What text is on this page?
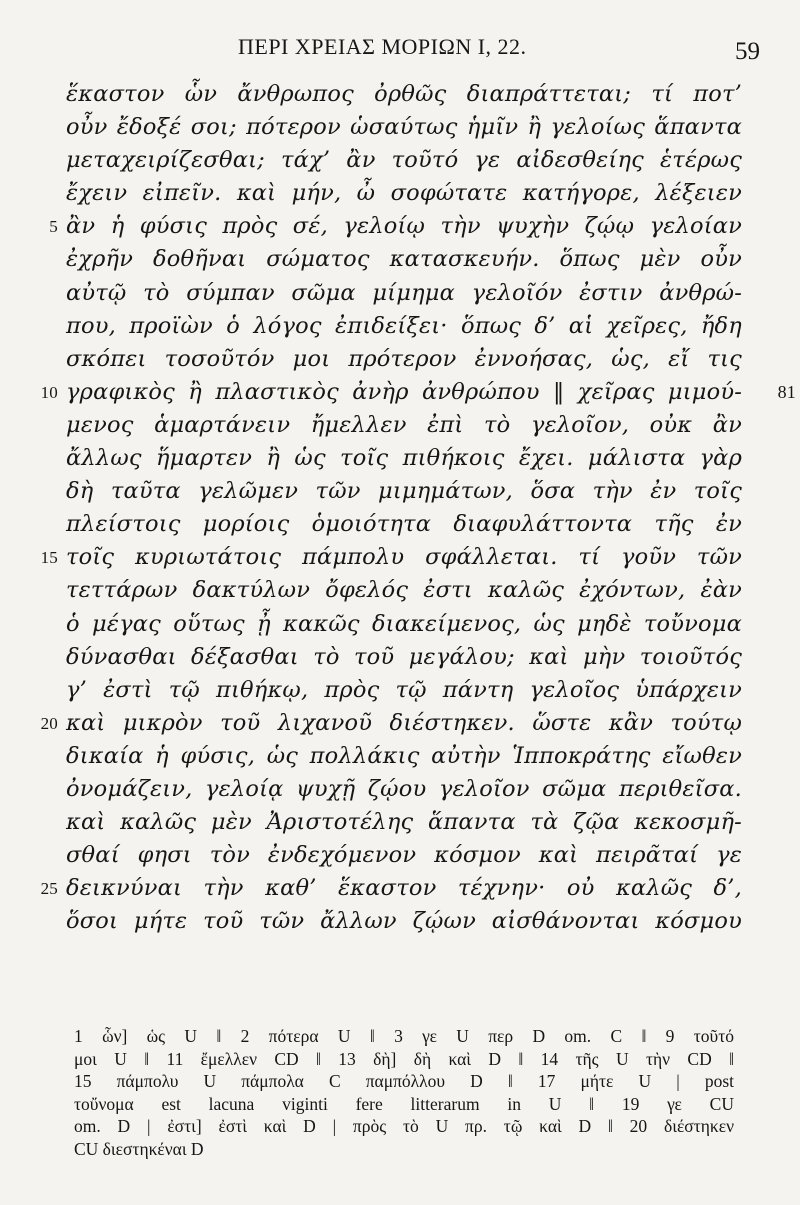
ΠΕΡΙ ΧΡΕΙΑΣ ΜΟΡΙΩΝ Ι, 22.	59
ἕκαστον ὧν ἄνθρωπος ὀρθῶς διαπράττεται; τί ποτ’
οὖν ἔδοξέ σοι; πότερον ὡσαύτως ἡμῖν ἢ γελοίως ἅπαντα
μεταχειρίζεσθαι; τάχ’ ἂν τοῦτό γε αἰδεσθείης ἑτέρως
ἔχειν εἰπεῖν. καὶ μήν, ὦ σοφώτατε κατήγορε, λέξειεν
5 ἂν ἡ φύσις πρὸς σέ, γελοίῳ τὴν ψυχὴν ζῴῳ γελοίαν
ἐχρῆν δοθῆναι σώματος κατασκευήν. ὅπως μὲν οὖν
αὐτῷ τὸ σύμπαν σῶμα μίμημα γελοῖόν ἐστιν ἀνθρώ-
που, προϊὼν ὁ λόγος ἐπιδείξει· ὅπως δ’ αἱ χεῖρες, ἤδη
σκόπει τοσοῦτόν μοι πρότερον ἐννοήσας, ὡς, εἴ τις
10 γραφικὸς ἢ πλαστικὸς ἀνὴρ ἀνθρώπου ‖ χεῖρας μιμού- 81
μενος ἁμαρτάνειν ἤμελλεν ἐπὶ τὸ γελοῖον, οὐκ ἂν
ἄλλως ἥμαρτεν ἢ ὡς τοῖς πιθήκοις ἔχει. μάλιστα γὰρ
δὴ ταῦτα γελῶμεν τῶν μιμημάτων, ὅσα τὴν ἐν τοῖς
πλείστοις μορίοις ὁμοιότητα διαφυλάττοντα τῆς ἐν
15 τοῖς κυριωτάτοις πάμπολυ σφάλλεται. τί γοῦν τῶν
τεττάρων δακτύλων ὄφελός ἐστι καλῶς ἐχόντων, ἐὰν
ὁ μέγας οὕτως ᾖ κακῶς διακείμενος, ὡς μηδὲ τοὔνομα
δύνασθαι δέξασθαι τὸ τοῦ μεγάλου; καὶ μὴν τοιοῦτός
γ’ ἐστὶ τῷ πιθήκῳ, πρὸς τῷ πάντη γελοῖος ὑπάρχειν
20 καὶ μικρὸν τοῦ λιχανοῦ διέστηκεν. ὥστε κἂν τούτῳ
δικαία ἡ φύσις, ὡς πολλάκις αὐτὴν Ἱπποκράτης εἴωθεν
ὀνομάζειν, γελοίᾳ ψυχῇ ζῴου γελοῖον σῶμα περιθεῖσα.
καὶ καλῶς μὲν Ἀριστοτέλης ἅπαντα τὰ ζῷα κεκοσμῆ-
σθαί φησι τὸν ἐνδεχόμενον κόσμον καὶ πειρᾶταί γε
25 δεικνύναι τὴν καθ’ ἕκαστον τέχνην· οὐ καλῶς δ’,
ὅσοι μήτε τοῦ τῶν ἄλλων ζῴων αἰσθάνονται κόσμου
1 ὧν] ὡς U ‖ 2 πότερα U ‖ 3 γε U περ D om. C ‖ 9 τοῦτό
μοι U ‖ 11 ἔμελλεν CD ‖ 13 δὴ] δὴ καὶ D ‖ 14 τῆς U τὴν CD ‖
15 πάμπολυ U πάμπολα C παμπόλλου D ‖ 17 μήτε U | post
τοὔνομα est lacuna viginti fere litterarum in U ‖ 19 γε CU
om. D | ἐστι] ἐστὶ καὶ D | πρὸς τὸ U πρ. τῷ καὶ D ‖ 20 διέστηκεν
CU διεστηκέναι D
